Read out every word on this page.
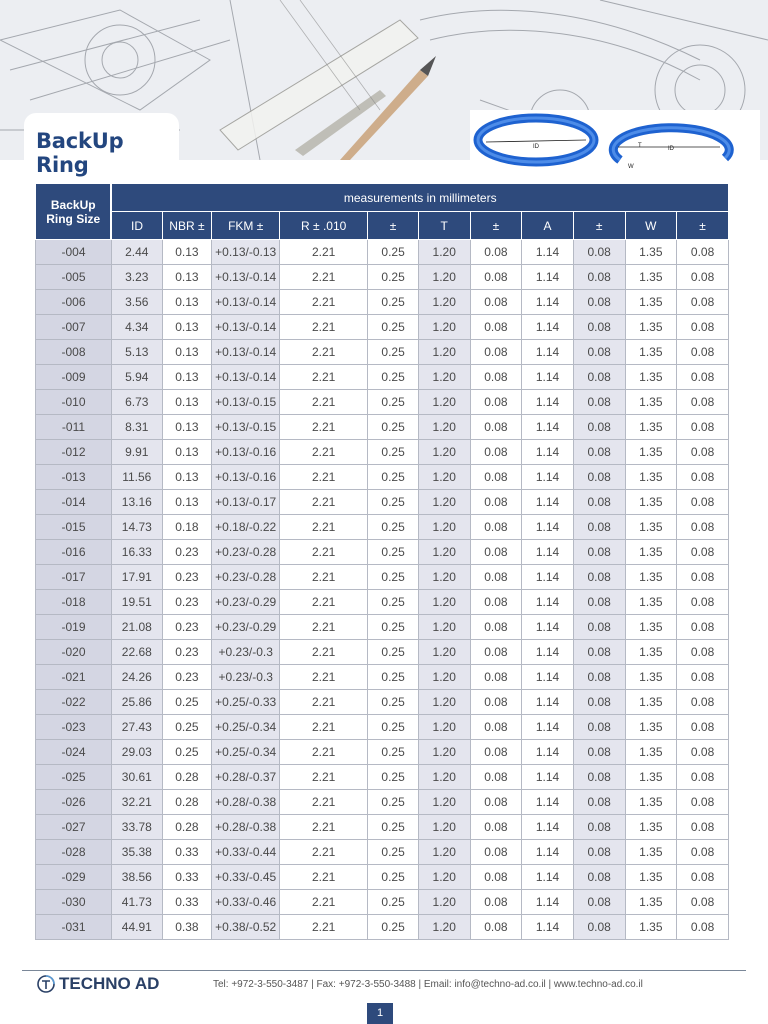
BackUp Ring
ID	T
W
ID
BackUp Ring Size	measurements in millimeters										
	ID	NBR ±	FKM ±	R ± .010	±	T	±	A	±	W	±
-004	2.44	0.13	+0.13/-0.13	2.21	0.25	1.20	0.08	1.14	0.08	1.35	0.08
-005	3.23	0.13	+0.13/-0.14	2.21	0.25	1.20	0.08	1.14	0.08	1.35	0.08
-006	3.56	0.13	+0.13/-0.14	2.21	0.25	1.20	0.08	1.14	0.08	1.35	0.08
-007	4.34	0.13	+0.13/-0.14	2.21	0.25	1.20	0.08	1.14	0.08	1.35	0.08
-008	5.13	0.13	+0.13/-0.14	2.21	0.25	1.20	0.08	1.14	0.08	1.35	0.08
-009	5.94	0.13	+0.13/-0.14	2.21	0.25	1.20	0.08	1.14	0.08	1.35	0.08
-010	6.73	0.13	+0.13/-0.15	2.21	0.25	1.20	0.08	1.14	0.08	1.35	0.08
-011	8.31	0.13	+0.13/-0.15	2.21	0.25	1.20	0.08	1.14	0.08	1.35	0.08
-012	9.91	0.13	+0.13/-0.16	2.21	0.25	1.20	0.08	1.14	0.08	1.35	0.08
-013	11.56	0.13	+0.13/-0.16	2.21	0.25	1.20	0.08	1.14	0.08	1.35	0.08
-014	13.16	0.13	+0.13/-0.17	2.21	0.25	1.20	0.08	1.14	0.08	1.35	0.08
-015	14.73	0.18	+0.18/-0.22	2.21	0.25	1.20	0.08	1.14	0.08	1.35	0.08
-016	16.33	0.23	+0.23/-0.28	2.21	0.25	1.20	0.08	1.14	0.08	1.35	0.08
-017	17.91	0.23	+0.23/-0.28	2.21	0.25	1.20	0.08	1.14	0.08	1.35	0.08
-018	19.51	0.23	+0.23/-0.29	2.21	0.25	1.20	0.08	1.14	0.08	1.35	0.08
-019	21.08	0.23	+0.23/-0.29	2.21	0.25	1.20	0.08	1.14	0.08	1.35	0.08
-020	22.68	0.23	+0.23/-0.3	2.21	0.25	1.20	0.08	1.14	0.08	1.35	0.08
-021	24.26	0.23	+0.23/-0.3	2.21	0.25	1.20	0.08	1.14	0.08	1.35	0.08
-022	25.86	0.25	+0.25/-0.33	2.21	0.25	1.20	0.08	1.14	0.08	1.35	0.08
-023	27.43	0.25	+0.25/-0.34	2.21	0.25	1.20	0.08	1.14	0.08	1.35	0.08
-024	29.03	0.25	+0.25/-0.34	2.21	0.25	1.20	0.08	1.14	0.08	1.35	0.08
-025	30.61	0.28	+0.28/-0.37	2.21	0.25	1.20	0.08	1.14	0.08	1.35	0.08
-026	32.21	0.28	+0.28/-0.38	2.21	0.25	1.20	0.08	1.14	0.08	1.35	0.08
-027	33.78	0.28	+0.28/-0.38	2.21	0.25	1.20	0.08	1.14	0.08	1.35	0.08
-028	35.38	0.33	+0.33/-0.44	2.21	0.25	1.20	0.08	1.14	0.08	1.35	0.08
-029	38.56	0.33	+0.33/-0.45	2.21	0.25	1.20	0.08	1.14	0.08	1.35	0.08
-030	41.73	0.33	+0.33/-0.46	2.21	0.25	1.20	0.08	1.14	0.08	1.35	0.08
-031	44.91	0.38	+0.38/-0.52	2.21	0.25	1.20	0.08	1.14	0.08	1.35	0.08
TECHNO AD	Tel: +972-3-550-3487 | Fax: +972-3-550-3488 | Email: info@techno-ad.co.il | www.techno-ad.co.il
1
